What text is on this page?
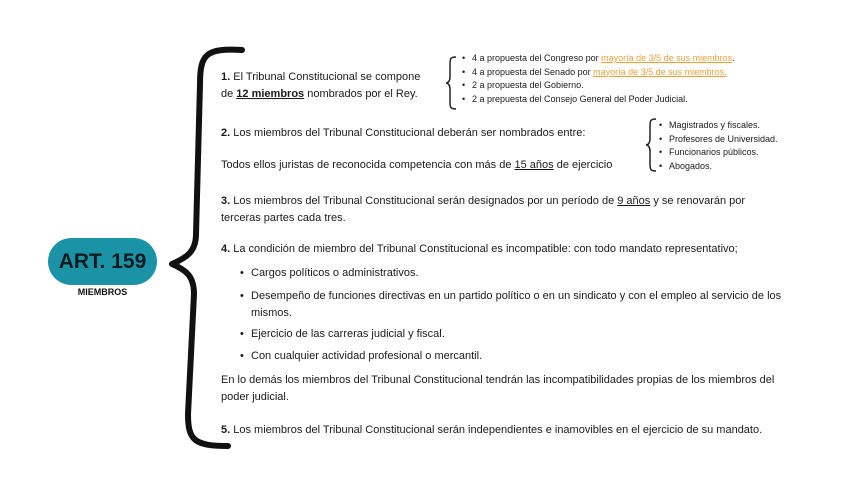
ART. 159
MIEMBROS
1. El Tribunal Constitucional se compone
de 12 miembros nombrados por el Rey.
• 4 a propuesta del Congreso por mayoría de 3/5 de sus miembros.
• 4 a propuesta del Senado por mayoría de 3/5 de sus miembros.
• 2 a propuesta del Gobierno.
• 2 a prepuesta del Consejo General del Poder Judicial.
2. Los miembros del Tribunal Constitucional deberán ser nombrados entre:
Todos ellos juristas de reconocida competencia con más de 15 años de ejercicio
• Magistrados y fiscales.
• Profesores de Universidad.
• Funcionarios públicos.
• Abogados.
3. Los miembros del Tribunal Constitucional serán designados por un período de 9 años y se renovarán por
terceras partes cada tres.
4. La condición de miembro del Tribunal Constitucional es incompatible: con todo mandato representativo;
• Cargos políticos o administrativos.
• Desempeño de funciones directivas en un partido político o en un sindicato y con el empleo al servicio de los
mismos.
• Ejercicio de las carreras judicial y fiscal.
• Con cualquier actividad profesional o mercantil.
En lo demás los miembros del Tribunal Constitucional tendrán las incompatibilidades propias de los miembros del
poder judicial.
5. Los miembros del Tribunal Constitucional serán independientes e inamovibles en el ejercicio de su mandato.
